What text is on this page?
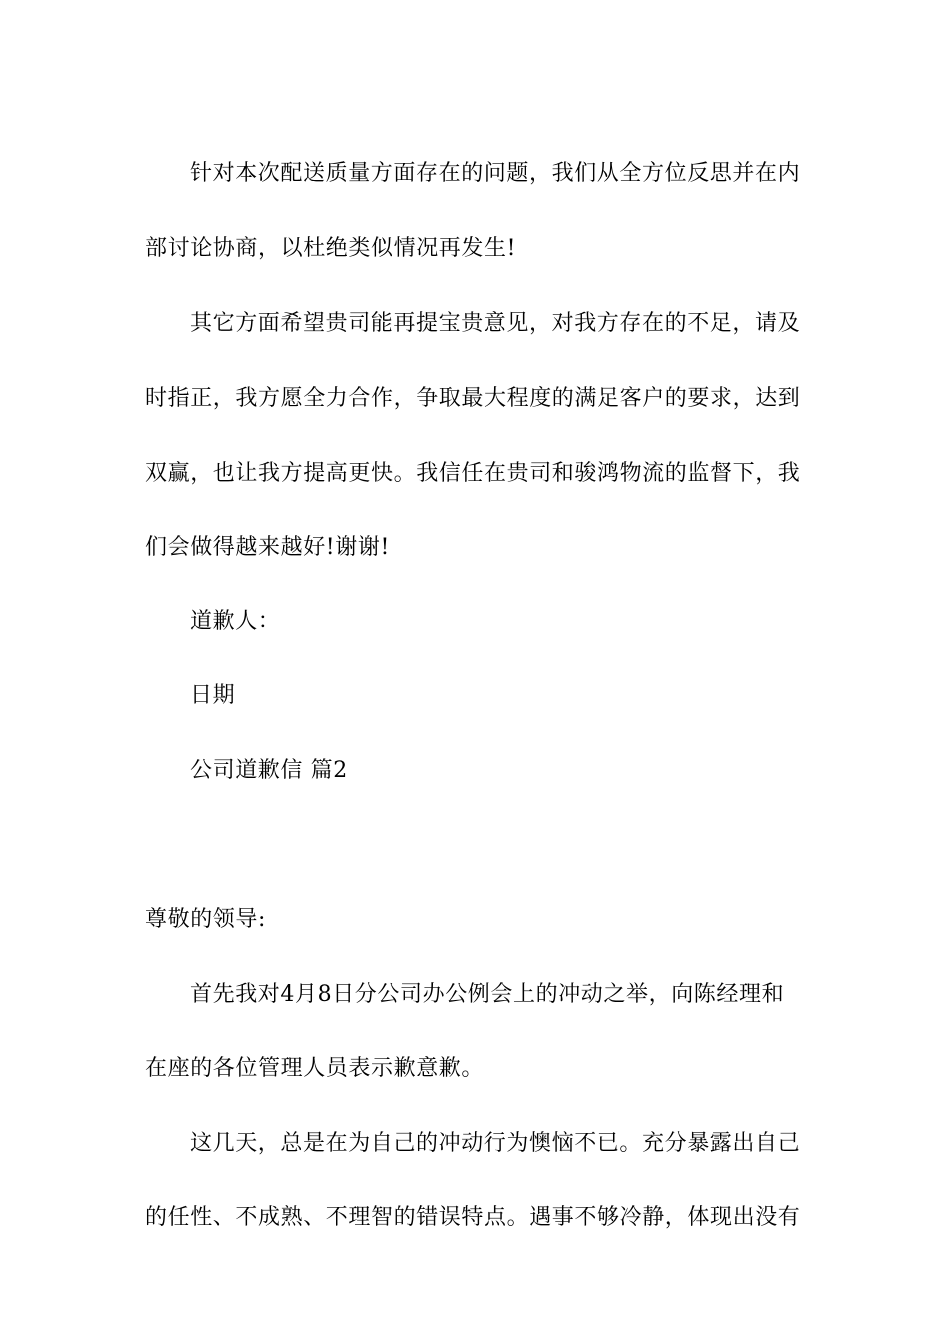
针对本次配送质量方面存在的问题，我们从全方位反思并在内

部讨论协商，以杜绝类似情况再发生!

其它方面希望贵司能再提宝贵意见，对我方存在的不足，请及

时指正，我方愿全力合作，争取最大程度的满足客户的要求，达到

双赢，也让我方提高更快。我信任在贵司和骏鸿物流的监督下，我

们会做得越来越好!谢谢!

道歉人：

日期

公司道歉信 篇2

尊敬的领导:

首先我对4月8日分公司办公例会上的冲动之举，向陈经理和

在座的各位管理人员表示歉意歉。

这几天，总是在为自己的冲动行为懊恼不已。充分暴露出自己

的任性、不成熟、不理智的错误特点。遇事不够冷静，体现出没有
